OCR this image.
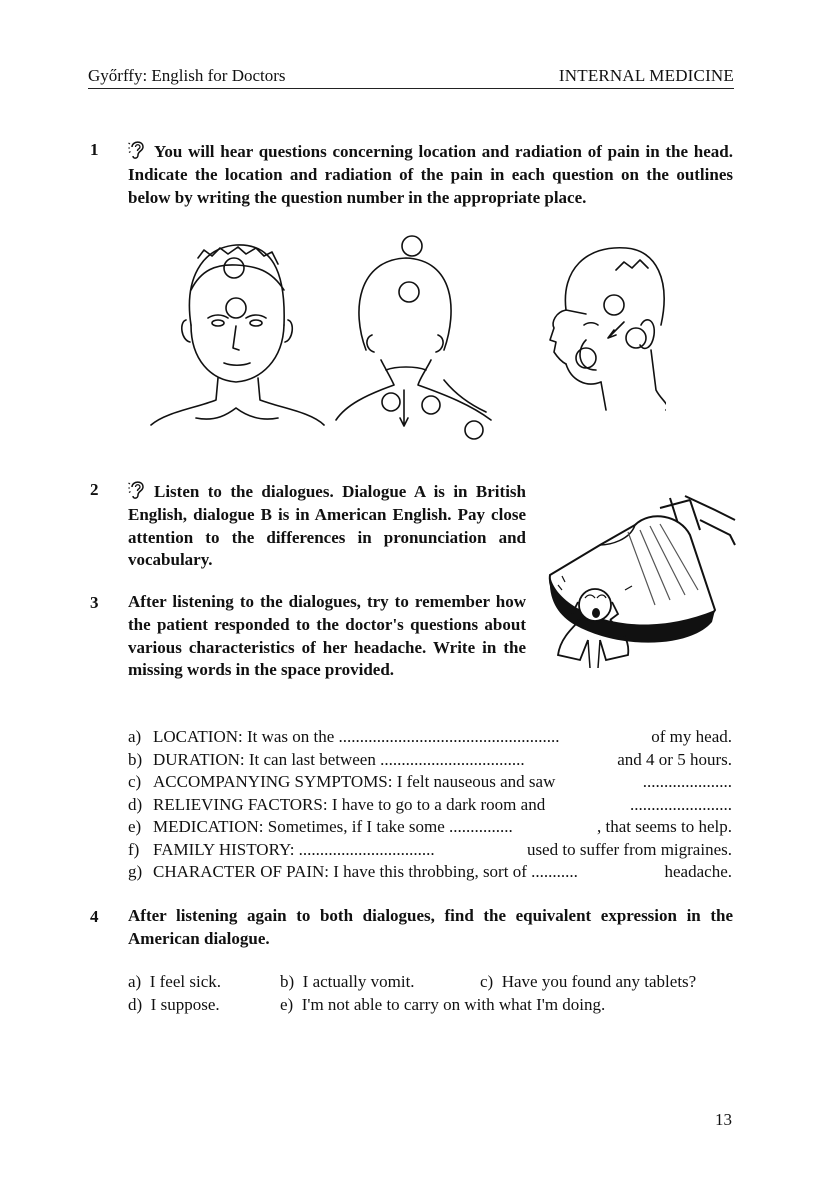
Győrffy: English for Doctors	INTERNAL MEDICINE
1	You will hear questions concerning location and radiation of pain in the head. Indicate the location and radiation of the pain in each question on the outlines below by writing the question number in the appropriate place.
2	Listen to the dialogues. Dialogue A is in British English, dialogue B is in American English. Pay close attention to the differences in pronunciation and vocabulary.
3 After listening to the dialogues, try to remember how the patient responded to the doctor's questions about various characteristics of her headache. Write in the missing words in the space provided.
a) LOCATION: It was on the ....................................................	of my head.
b) DURATION: It can last between ..................................	and 4 or 5 hours.
c) ACCOMPANYING SYMPTOMS: I felt nauseous and saw	.....................
d) RELIEVING FACTORS: I have to go to a dark room and	........................
e) MEDICATION: Sometimes, if I take some ...............	, that seems to help.
f) FAMILY HISTORY: ................................	used to suffer from migraines.
g) CHARACTER OF PAIN: I have this throbbing, sort of ...........	headache.
4 After listening again to both dialogues, find the equivalent expression in the American dialogue.
a) I feel sick.	b) I actually vomit.	c) Have you found any tablets?
d) I suppose.	e) I'm not able to carry on with what I'm doing.
13
